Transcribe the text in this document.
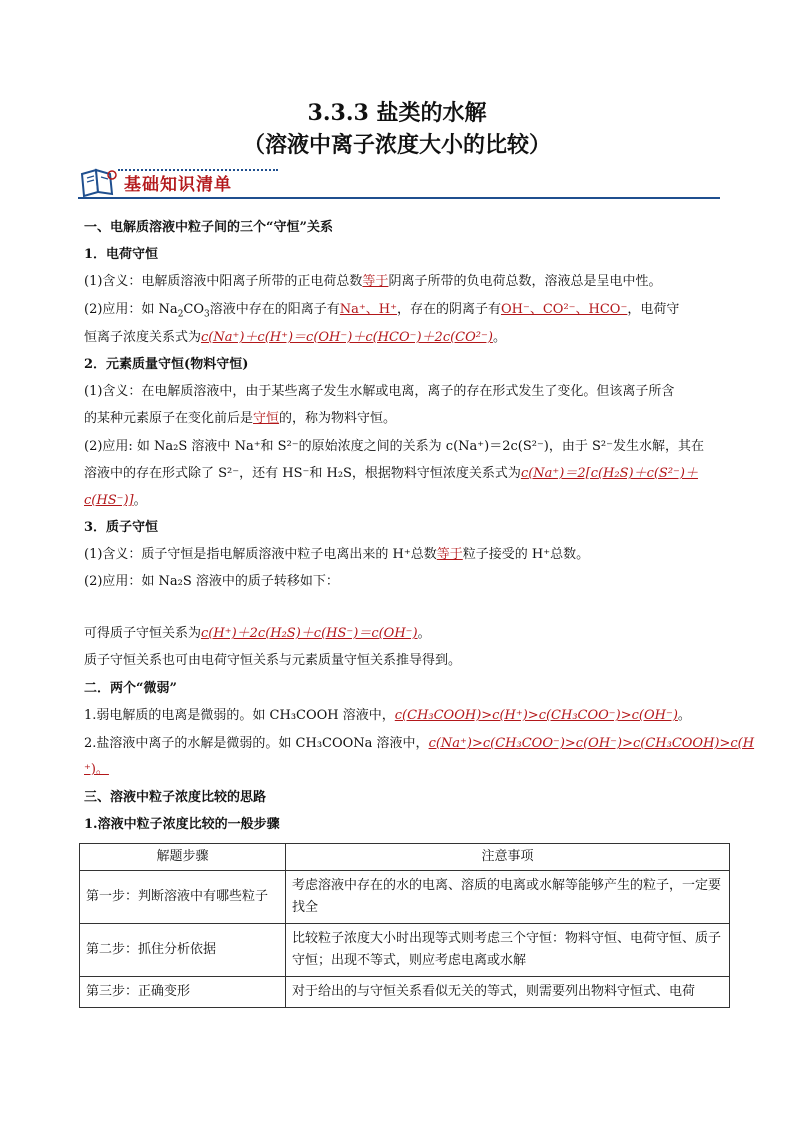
3.3.3 盐类的水解
（溶液中离子浓度大小的比较）
基础知识清单
一、电解质溶液中粒子间的三个“守恒”关系
1．电荷守恒
(1)含义：电解质溶液中阳离子所带的正电荷总数等于阴离子所带的负电荷总数，溶液总是呈电中性。
(2)应用：如 $Na_2CO_3$溶液中存在的阳离子有Na⁺、H⁺，存在的阴离子有OH⁻、CO²⁻、HCO⁻，电荷守
恒离子浓度关系式为c(Na⁺)＋c(H⁺)＝c(OH⁻)＋c(HCO⁻)＋2c(CO²⁻)。
2．元素质量守恒(物料守恒)
(1)含义：在电解质溶液中，由于某些离子发生水解或电离，离子的存在形式发生了变化。但该离子所含
的某种元素原子在变化前后是守恒的，称为物料守恒。
(2)应用: 如 Na₂S 溶液中 Na⁺和 S²⁻的原始浓度之间的关系为 c(Na⁺)＝2c(S²⁻)，由于 S²⁻发生水解，其在
溶液中的存在形式除了 S²⁻，还有 HS⁻和 H₂S，根据物料守恒浓度关系式为c(Na⁺)＝2[c(H₂S)＋c(S²⁻)＋
c(HS⁻)]。
3．质子守恒
(1)含义：质子守恒是指电解质溶液中粒子电离出来的 H⁺总数等于粒子接受的 H⁺总数。
(2)应用：如 Na₂S 溶液中的质子转移如下：
可得质子守恒关系为c(H⁺)＋2c(H₂S)＋c(HS⁻)＝c(OH⁻)。
质子守恒关系也可由电荷守恒关系与元素质量守恒关系推导得到。
二．两个“微弱”
1.弱电解质的电离是微弱的。如 CH₃COOH 溶液中，c(CH₃COOH)>c(H⁺)>c(CH₃COO⁻)>c(OH⁻)。
2.盐溶液中离子的水解是微弱的。如 CH₃COONa 溶液中，c(Na⁺)>c(CH₃COO⁻)>c(OH⁻)>c(CH₃COOH)>c(H
⁺)。
三、溶液中粒子浓度比较的思路
1.溶液中粒子浓度比较的一般步骤
解题步骤	注意事项
第一步：判断溶液中有哪些粒子	考虑溶液中存在的水的电离、溶质的电离或水解等能够产生的粒子，一定要找全
第二步：抓住分析依据	比较粒子浓度大小时出现等式则考虑三个守恒：物料守恒、电荷守恒、质子守恒；出现不等式，则应考虑电离或水解
第三步：正确变形	对于给出的与守恒关系看似无关的等式，则需要列出物料守恒式、电荷
